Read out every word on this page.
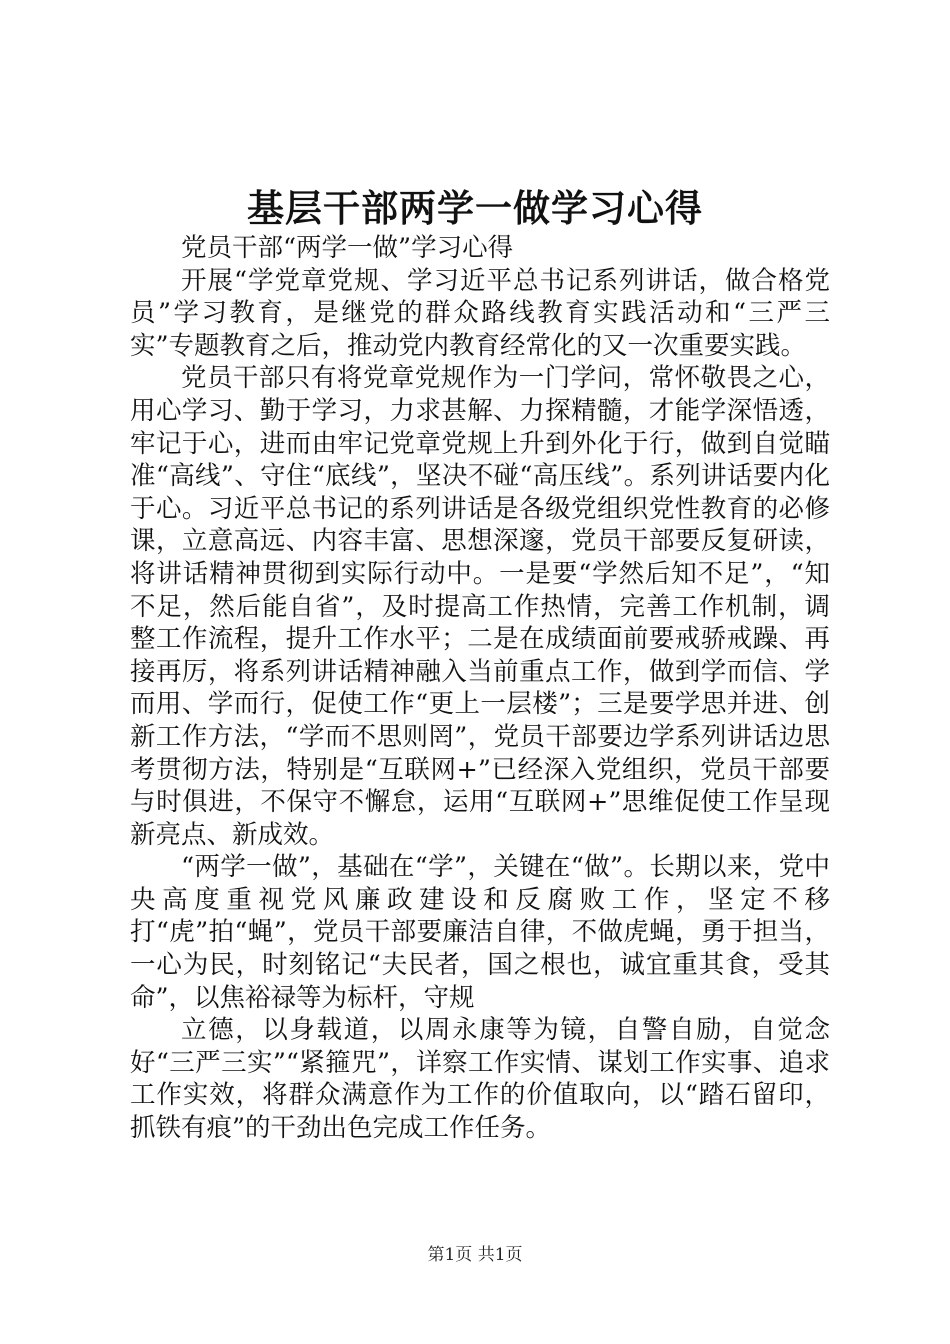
基层干部两学一做学习心得

党员干部“两学一做”学习心得

开展“学党章党规、学习近平总书记系列讲话，做合格党员”学习教育，是继党的群众路线教育实践活动和“三严三实”专题教育之后，推动党内教育经常化的又一次重要实践。

党员干部只有将党章党规作为一门学问，常怀敬畏之心，用心学习、勤于学习，力求甚解、力探精髓，才能学深悟透，牢记于心，进而由牢记党章党规上升到外化于行，做到自觉瞄准“高线”、守住“底线”，坚决不碰“高压线”。系列讲话要内化于心。习近平总书记的系列讲话是各级党组织党性教育的必修课，立意高远、内容丰富、思想深邃，党员干部要反复研读，将讲话精神贯彻到实际行动中。一是要“学然后知不足”，“知不足，然后能自省”，及时提高工作热情，完善工作机制，调整工作流程，提升工作水平；二是在成绩面前要戒骄戒躁、再接再厉，将系列讲话精神融入当前重点工作，做到学而信、学而用、学而行，促使工作“更上一层楼”；三是要学思并进、创新工作方法，“学而不思则罔”，党员干部要边学系列讲话边思考贯彻方法，特别是“互联网+”已经深入党组织，党员干部要与时俱进，不保守不懈怠，运用“互联网+”思维促使工作呈现新亮点、新成效。

“两学一做”，基础在“学”，关键在“做”。长期以来，党中央高度重视党风廉政建设和反腐败工作，坚定不移打“虎”拍“蝇”，党员干部要廉洁自律，不做虎蝇，勇于担当，一心为民，时刻铭记“夫民者，国之根也，诚宜重其食，受其命”，以焦裕禄等为标杆，守规

立德，以身载道，以周永康等为镜，自警自励，自觉念好“三严三实”“紧箍咒”，详察工作实情、谋划工作实事、追求工作实效，将群众满意作为工作的价值取向，以“踏石留印，抓铁有痕”的干劲出色完成工作任务。

第1页 共1页
